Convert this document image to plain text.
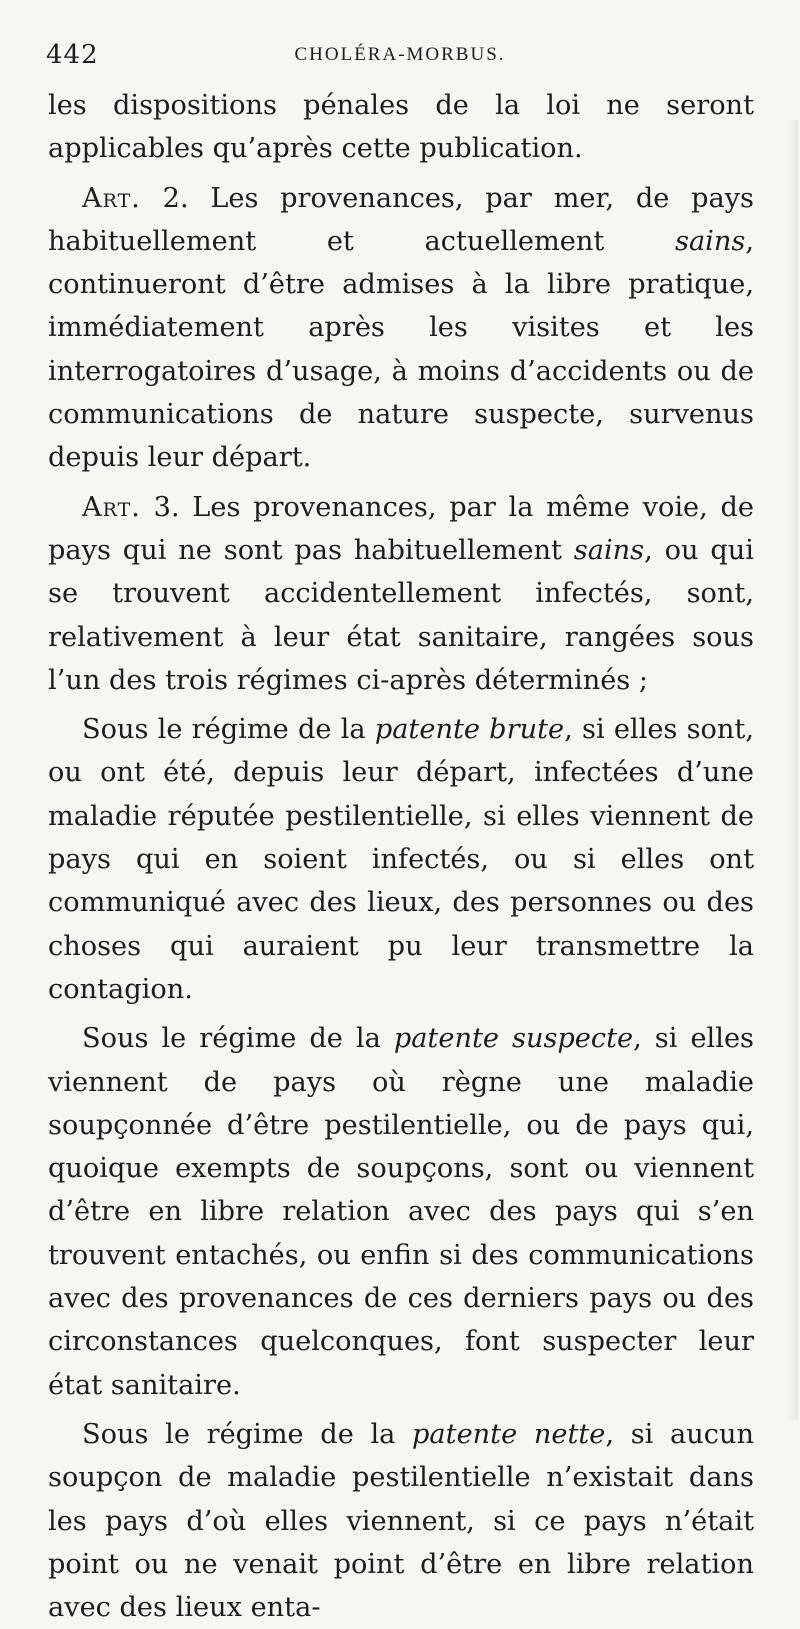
442	CHOLÉRA-MORBUS.

les dispositions pénales de la loi ne seront applicables qu’après cette publication.

Art. 2. Les provenances, par mer, de pays habituellement et actuellement sains, continueront d’être admises à la libre pratique, immédiatement après les visites et les interrogatoires d’usage, à moins d’accidents ou de communications de nature suspecte, survenus depuis leur départ.

Art. 3. Les provenances, par la même voie, de pays qui ne sont pas habituellement sains, ou qui se trouvent accidentellement infectés, sont, relativement à leur état sanitaire, rangées sous l’un des trois régimes ci-après déterminés ;

Sous le régime de la patente brute, si elles sont, ou ont été, depuis leur départ, infectées d’une maladie réputée pestilentielle, si elles viennent de pays qui en soient infectés, ou si elles ont communiqué avec des lieux, des personnes ou des choses qui auraient pu leur transmettre la contagion.

Sous le régime de la patente suspecte, si elles viennent de pays où règne une maladie soupçonnée d’être pestilentielle, ou de pays qui, quoique exempts de soupçons, sont ou viennent d’être en libre relation avec des pays qui s’en trouvent entachés, ou enfin si des communications avec des provenances de ces derniers pays ou des circonstances quelconques, font suspecter leur état sanitaire.

Sous le régime de la patente nette, si aucun soupçon de maladie pestilentielle n’existait dans les pays d’où elles viennent, si ce pays n’était point ou ne venait point d’être en libre relation avec des lieux enta-
